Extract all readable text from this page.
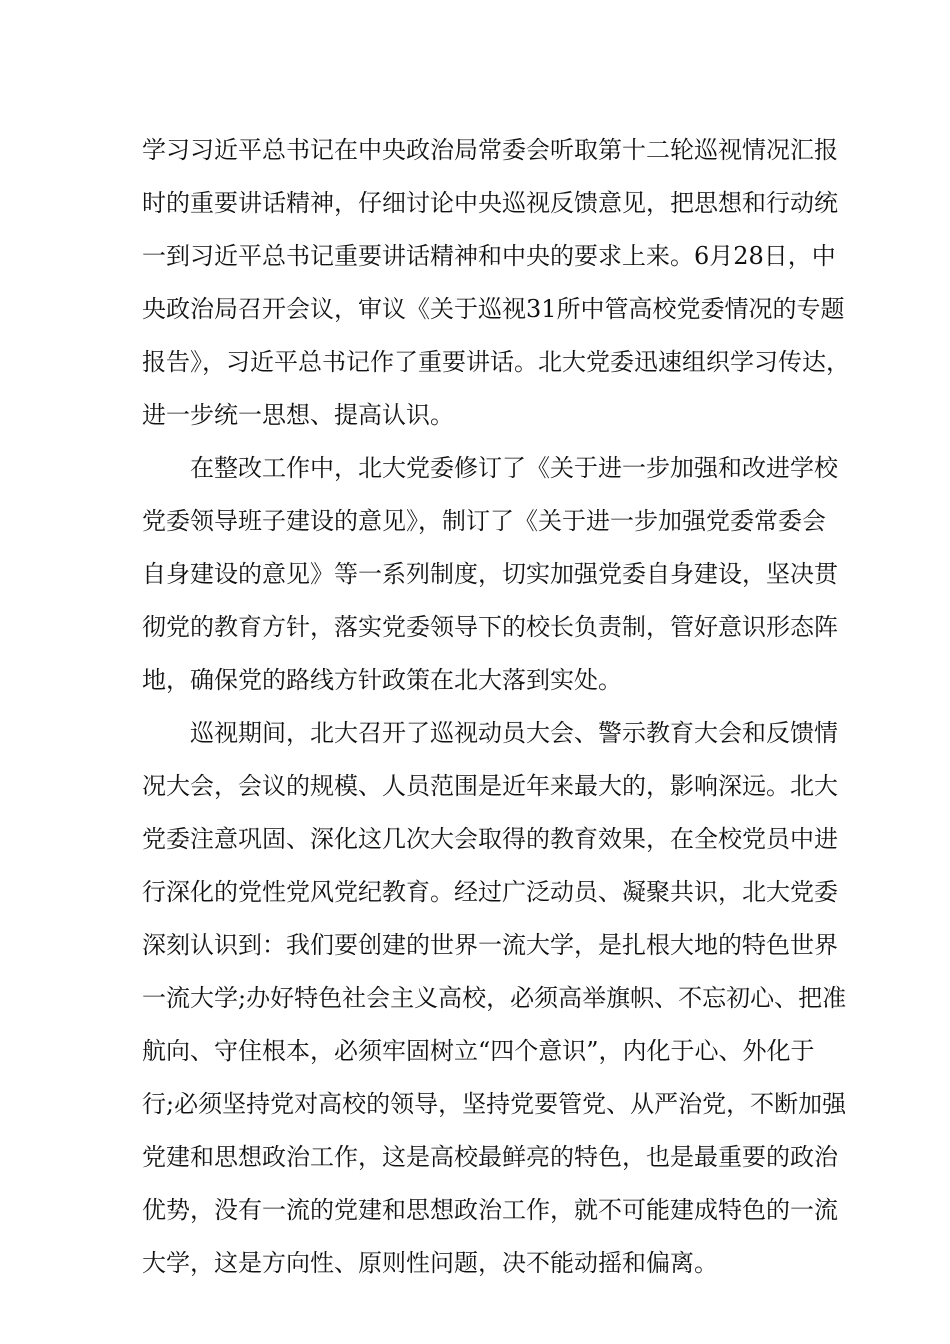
学习习近平总书记在中央政治局常委会听取第十二轮巡视情况汇报
时的重要讲话精神，仔细讨论中央巡视反馈意见，把思想和行动统
一到习近平总书记重要讲话精神和中央的要求上来。6月28日，中
央政治局召开会议，审议《关于巡视31所中管高校党委情况的专题
报告》，习近平总书记作了重要讲话。北大党委迅速组织学习传达，
进一步统一思想、提高认识。
在整改工作中，北大党委修订了《关于进一步加强和改进学校
党委领导班子建设的意见》，制订了《关于进一步加强党委常委会
自身建设的意见》等一系列制度，切实加强党委自身建设，坚决贯
彻党的教育方针，落实党委领导下的校长负责制，管好意识形态阵
地，确保党的路线方针政策在北大落到实处。
巡视期间，北大召开了巡视动员大会、警示教育大会和反馈情
况大会，会议的规模、人员范围是近年来最大的，影响深远。北大
党委注意巩固、深化这几次大会取得的教育效果，在全校党员中进
行深化的党性党风党纪教育。经过广泛动员、凝聚共识，北大党委
深刻认识到：我们要创建的世界一流大学，是扎根大地的特色世界
一流大学;办好特色社会主义高校，必须高举旗帜、不忘初心、把准
航向、守住根本，必须牢固树立“四个意识”，内化于心、外化于
行;必须坚持党对高校的领导，坚持党要管党、从严治党，不断加强
党建和思想政治工作，这是高校最鲜亮的特色，也是最重要的政治
优势，没有一流的党建和思想政治工作，就不可能建成特色的一流
大学，这是方向性、原则性问题，决不能动摇和偏离。
